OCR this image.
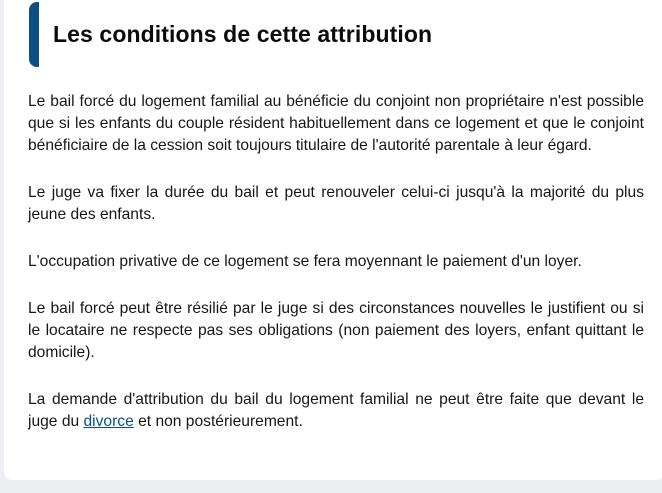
Les conditions de cette attribution

Le bail forcé du logement familial au bénéficie du conjoint non propriétaire n'est possible que si les enfants du couple résident habituellement dans ce logement et que le conjoint bénéficiaire de la cession soit toujours titulaire de l'autorité parentale à leur égard.

Le juge va fixer la durée du bail et peut renouveler celui-ci jusqu'à la majorité du plus jeune des enfants.

L'occupation privative de ce logement se fera moyennant le paiement d'un loyer.

Le bail forcé peut être résilié par le juge si des circonstances nouvelles le justifient ou si le locataire ne respecte pas ses obligations (non paiement des loyers, enfant quittant le domicile).

La demande d'attribution du bail du logement familial ne peut être faite que devant le juge du divorce et non postérieurement.
